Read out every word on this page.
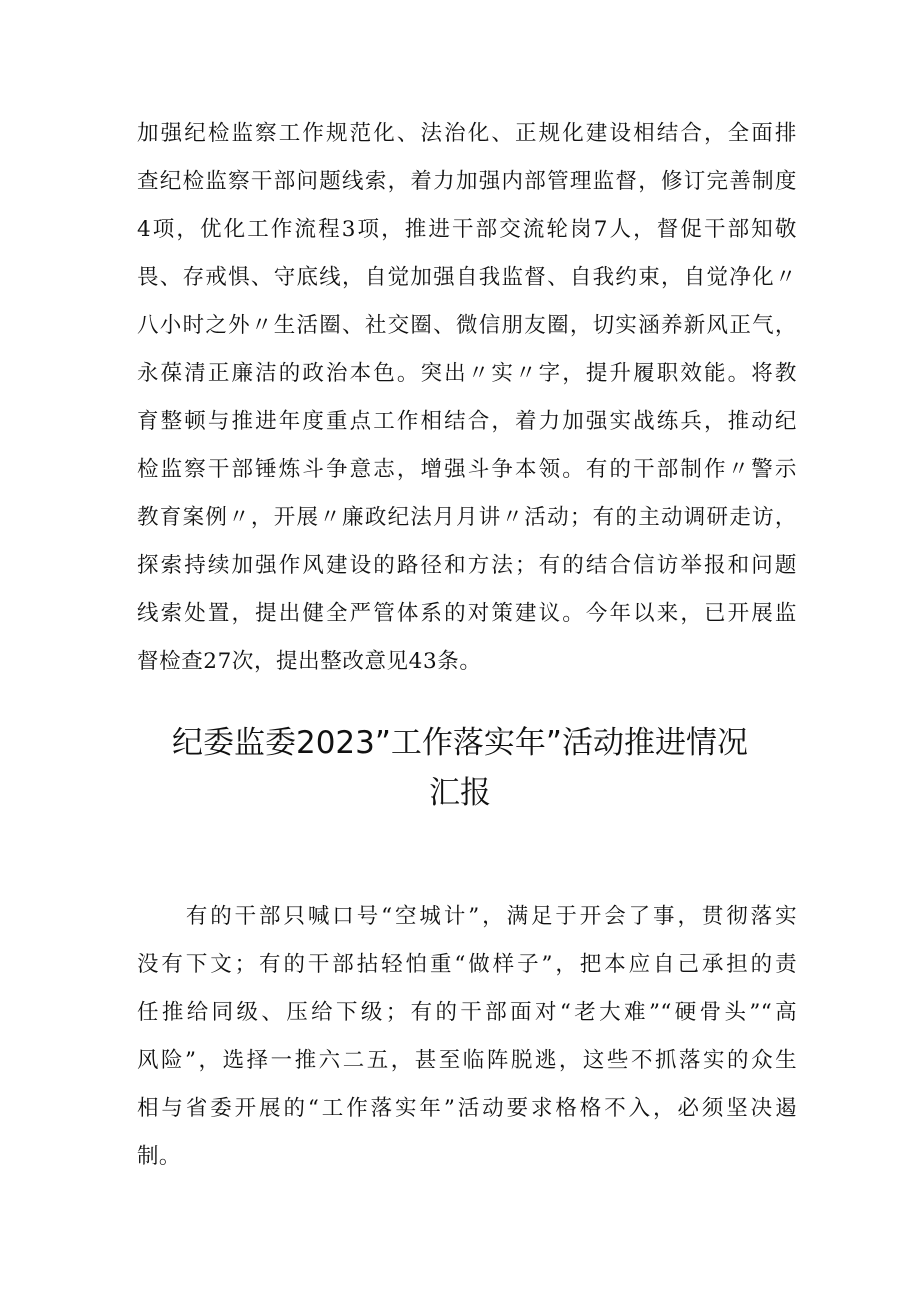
加强纪检监察工作规范化、法治化、正规化建设相结合，全面排
查纪检监察干部问题线索，着力加强内部管理监督，修订完善制度
4项，优化工作流程3项，推进干部交流轮岗7人，督促干部知敬
畏、存戒惧、守底线，自觉加强自我监督、自我约束，自觉净化〃
八小时之外〃生活圈、社交圈、微信朋友圈，切实涵养新风正气，
永葆清正廉洁的政治本色。突出〃实〃字，提升履职效能。将教
育整顿与推进年度重点工作相结合，着力加强实战练兵，推动纪
检监察干部锤炼斗争意志，增强斗争本领。有的干部制作〃警示
教育案例〃，开展〃廉政纪法月月讲〃活动；有的主动调研走访，
探索持续加强作风建设的路径和方法；有的结合信访举报和问题
线索处置，提出健全严管体系的对策建议。今年以来，已开展监
督检查27次，提出整改意见43条。
纪委监委2023”工作落实年”活动推进情况
汇报
　　有的干部只喊口号“空城计”，满足于开会了事，贯彻落实
没有下文；有的干部拈轻怕重“做样子”，把本应自己承担的责
任推给同级、压给下级；有的干部面对“老大难”“硬骨头”“高
风险”，选择一推六二五，甚至临阵脱逃，这些不抓落实的众生
相与省委开展的“工作落实年”活动要求格格不入，必须坚决遏
制。
